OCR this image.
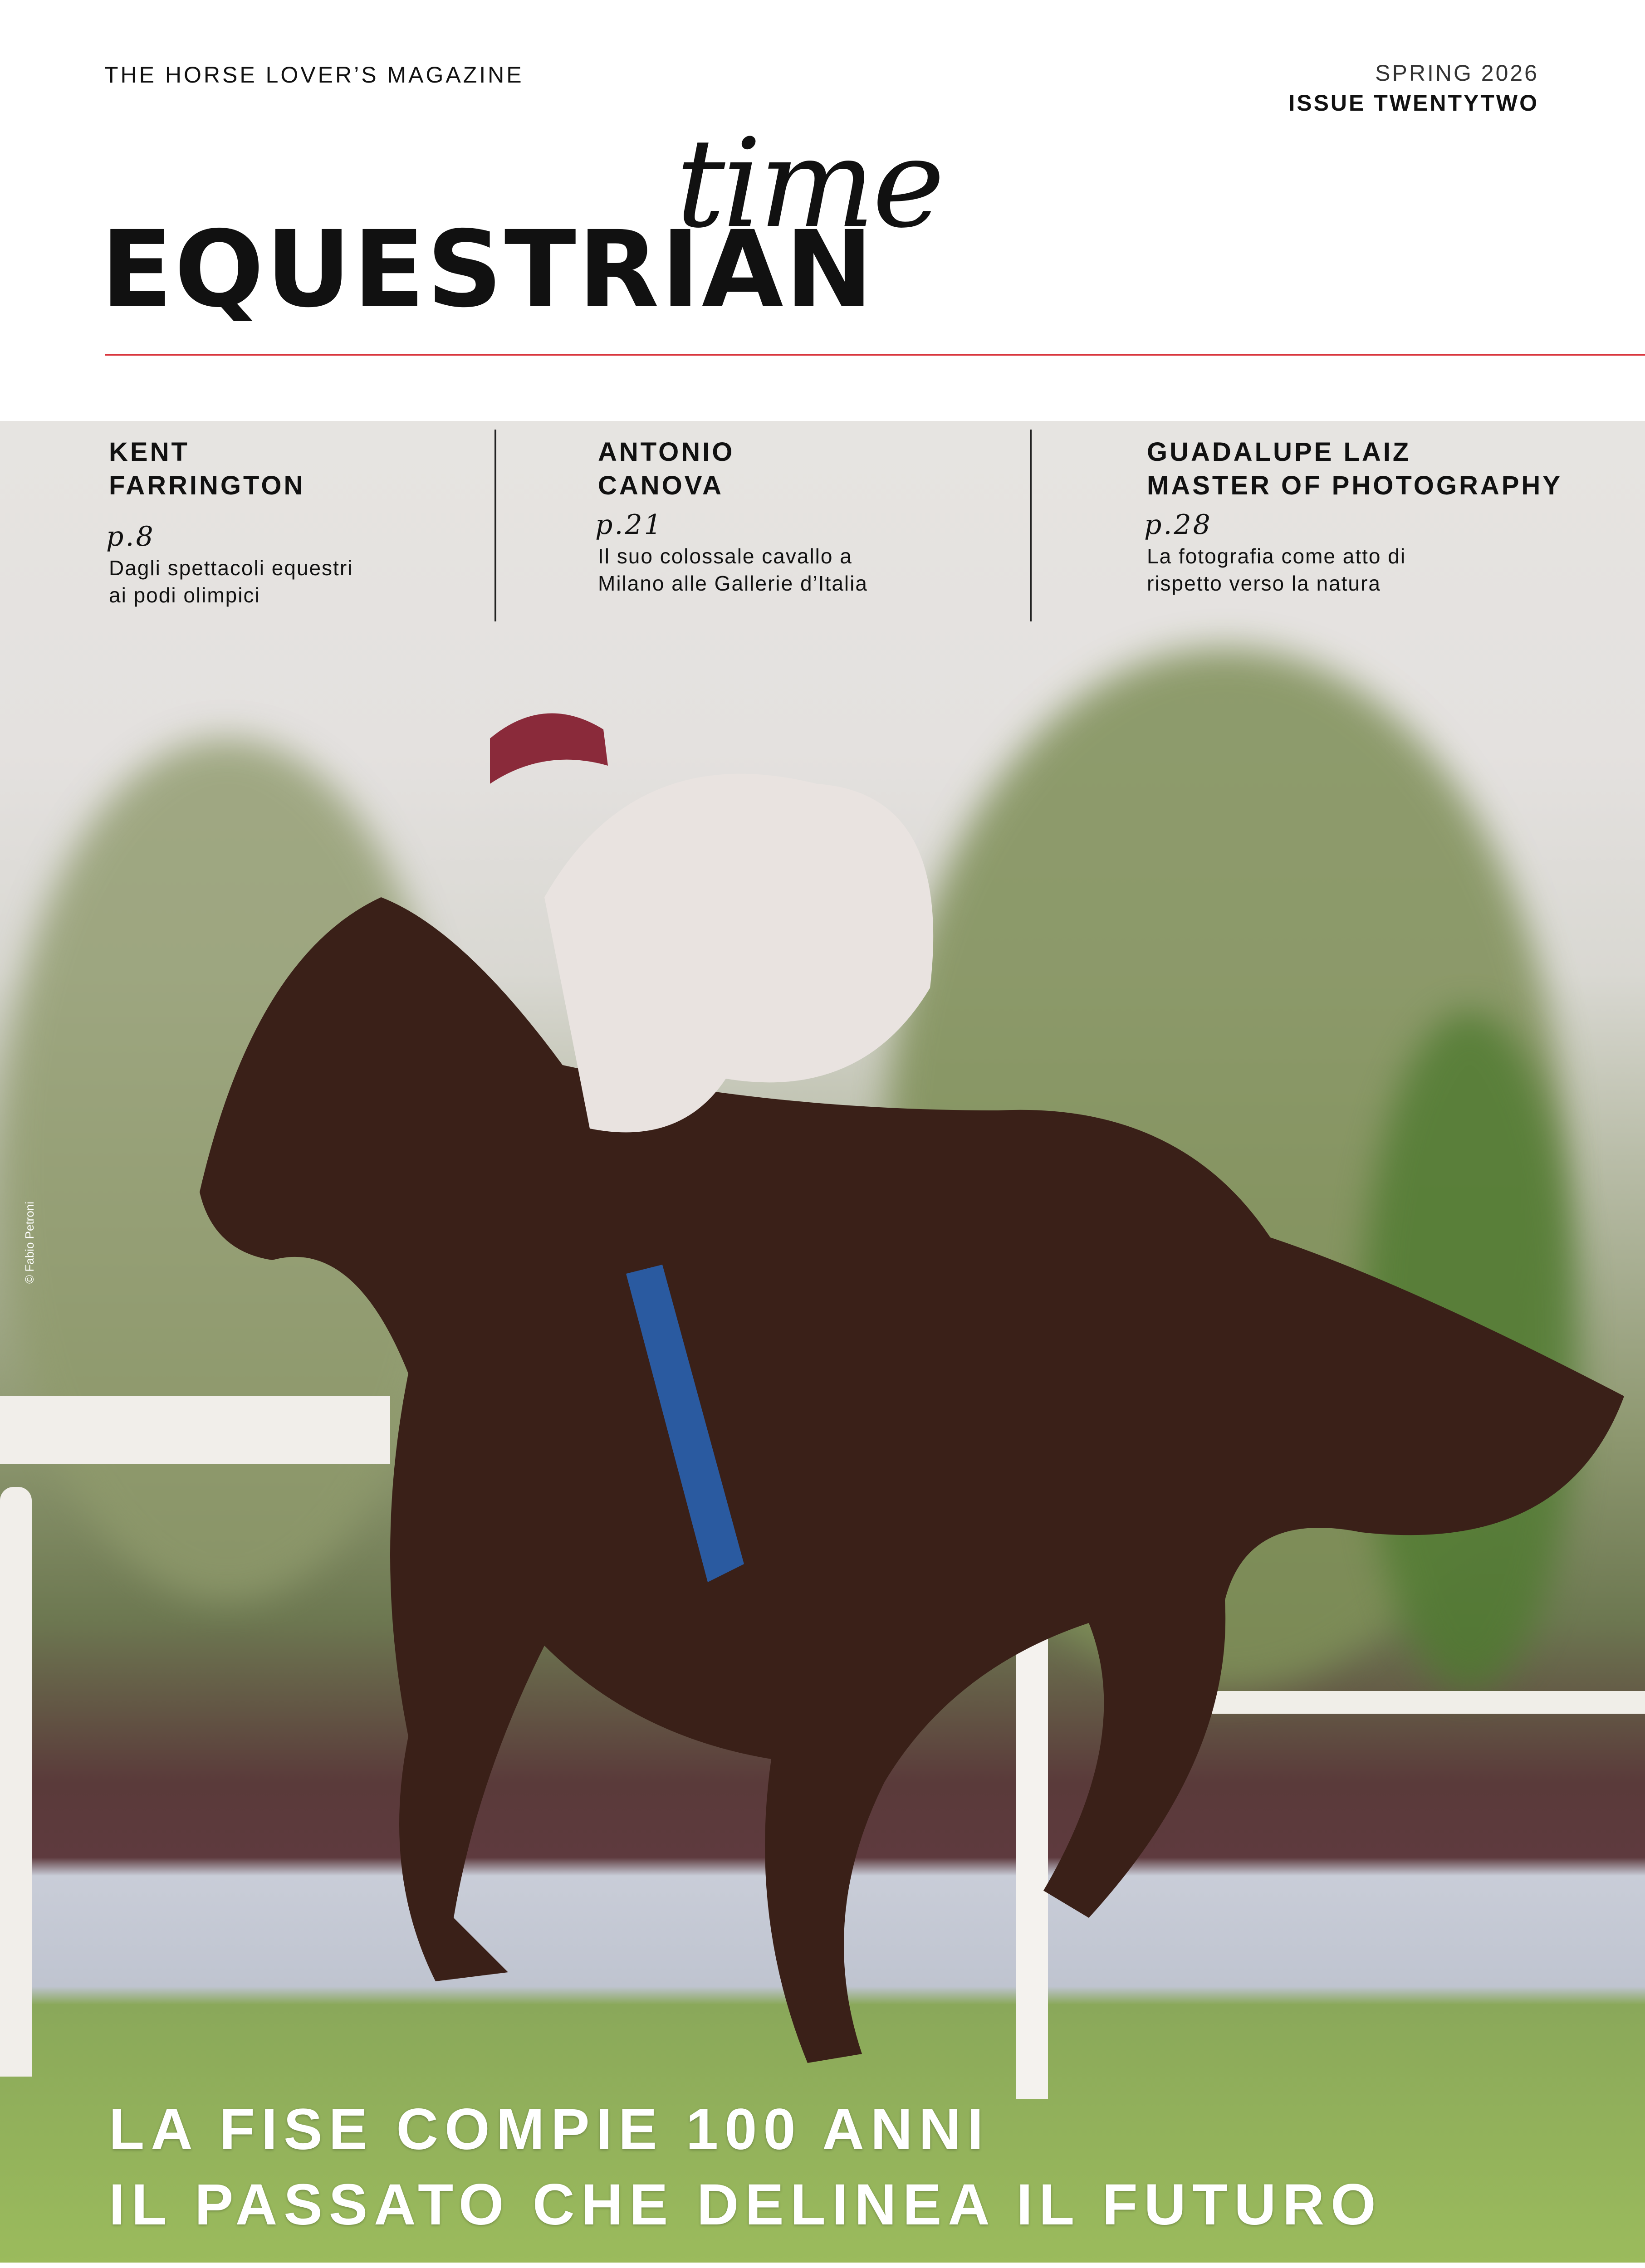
THE HORSE LOVER’S MAGAZINE	SPRING 2026
ISSUE TWENTYTWO
EQUESTRIAN
time
KENT
FARRINGTON
p.8
Dagli spettacoli equestri
ai podi olimpici
ANTONIO
CANOVA
p.21
Il suo colossale cavallo a
Milano alle Gallerie d’Italia
GUADALUPE LAIZ
MASTER OF PHOTOGRAPHY
p.28
La fotografia come atto di
rispetto verso la natura
© Fabio Petroni
LA FISE COMPIE 100 ANNI
IL PASSATO CHE DELINEA IL FUTURO
